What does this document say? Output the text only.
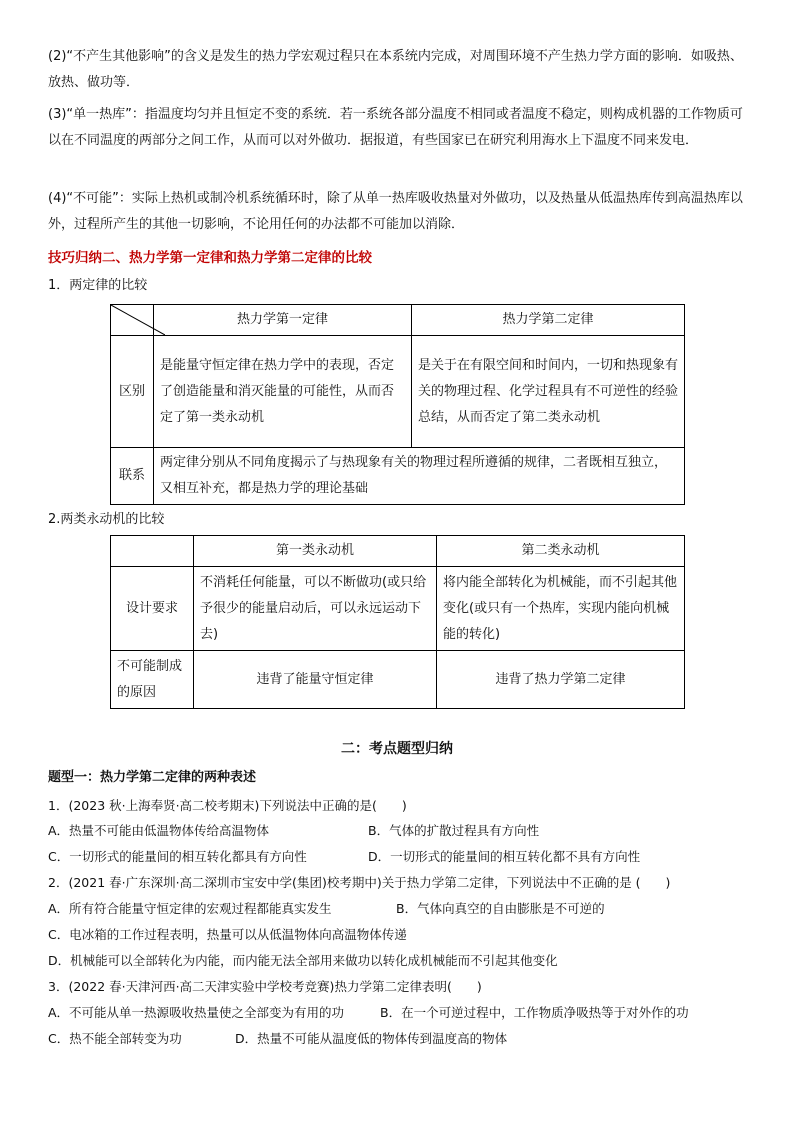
(2)“不产生其他影响”的含义是发生的热力学宏观过程只在本系统内完成，对周围环境不产生热力学方面的影响．如吸热、放热、做功等．

(3)“单一热库”：指温度均匀并且恒定不变的系统．若一系统各部分温度不相同或者温度不稳定，则构成机器的工作物质可以在不同温度的两部分之间工作，从而可以对外做功．据报道，有些国家已在研究利用海水上下温度不同来发电．

(4)“不可能”：实际上热机或制冷机系统循环时，除了从单一热库吸收热量对外做功，以及热量从低温热库传到高温热库以外，过程所产生的其他一切影响，不论用任何的办法都不可能加以消除．

技巧归纳二、热力学第一定律和热力学第二定律的比较
1．两定律的比较
	热力学第一定律	热力学第二定律
区别	是能量守恒定律在热力学中的表现，否定了创造能量和消灭能量的可能性，从而否定了第一类永动机	是关于在有限空间和时间内，一切和热现象有关的物理过程、化学过程具有不可逆性的经验总结，从而否定了第二类永动机
联系	两定律分别从不同角度揭示了与热现象有关的物理过程所遵循的规律，二者既相互独立，又相互补充，都是热力学的理论基础	
2.两类永动机的比较
	第一类永动机	第二类永动机
设计要求	不消耗任何能量，可以不断做功(或只给予很少的能量启动后，可以永远运动下去)	将内能全部转化为机械能，而不引起其他变化(或只有一个热库，实现内能向机械能的转化)
不可能制成的原因	违背了能量守恒定律	违背了热力学第二定律
二：考点题型归纳
题型一：热力学第二定律的两种表述
1．(2023 秋·上海奉贤·高二校考期末)下列说法中正确的是(　　)
A．热量不可能由低温物体传给高温物体	B．气体的扩散过程具有方向性
C．一切形式的能量间的相互转化都具有方向性	D．一切形式的能量间的相互转化都不具有方向性
2．(2021 春·广东深圳·高二深圳市宝安中学(集团)校考期中)关于热力学第二定律，下列说法中不正确的是 (　　)
A．所有符合能量守恒定律的宏观过程都能真实发生	B．气体向真空的自由膨胀是不可逆的
C．电冰箱的工作过程表明，热量可以从低温物体向高温物体传递
D．机械能可以全部转化为内能，而内能无法全部用来做功以转化成机械能而不引起其他变化
3．(2022 春·天津河西·高二天津实验中学校考竞赛)热力学第二定律表明(　　)
A．不可能从单一热源吸收热量使之全部变为有用的功	B．在一个可逆过程中，工作物质净吸热等于对外作的功
C．热不能全部转变为功	D．热量不可能从温度低的物体传到温度高的物体
